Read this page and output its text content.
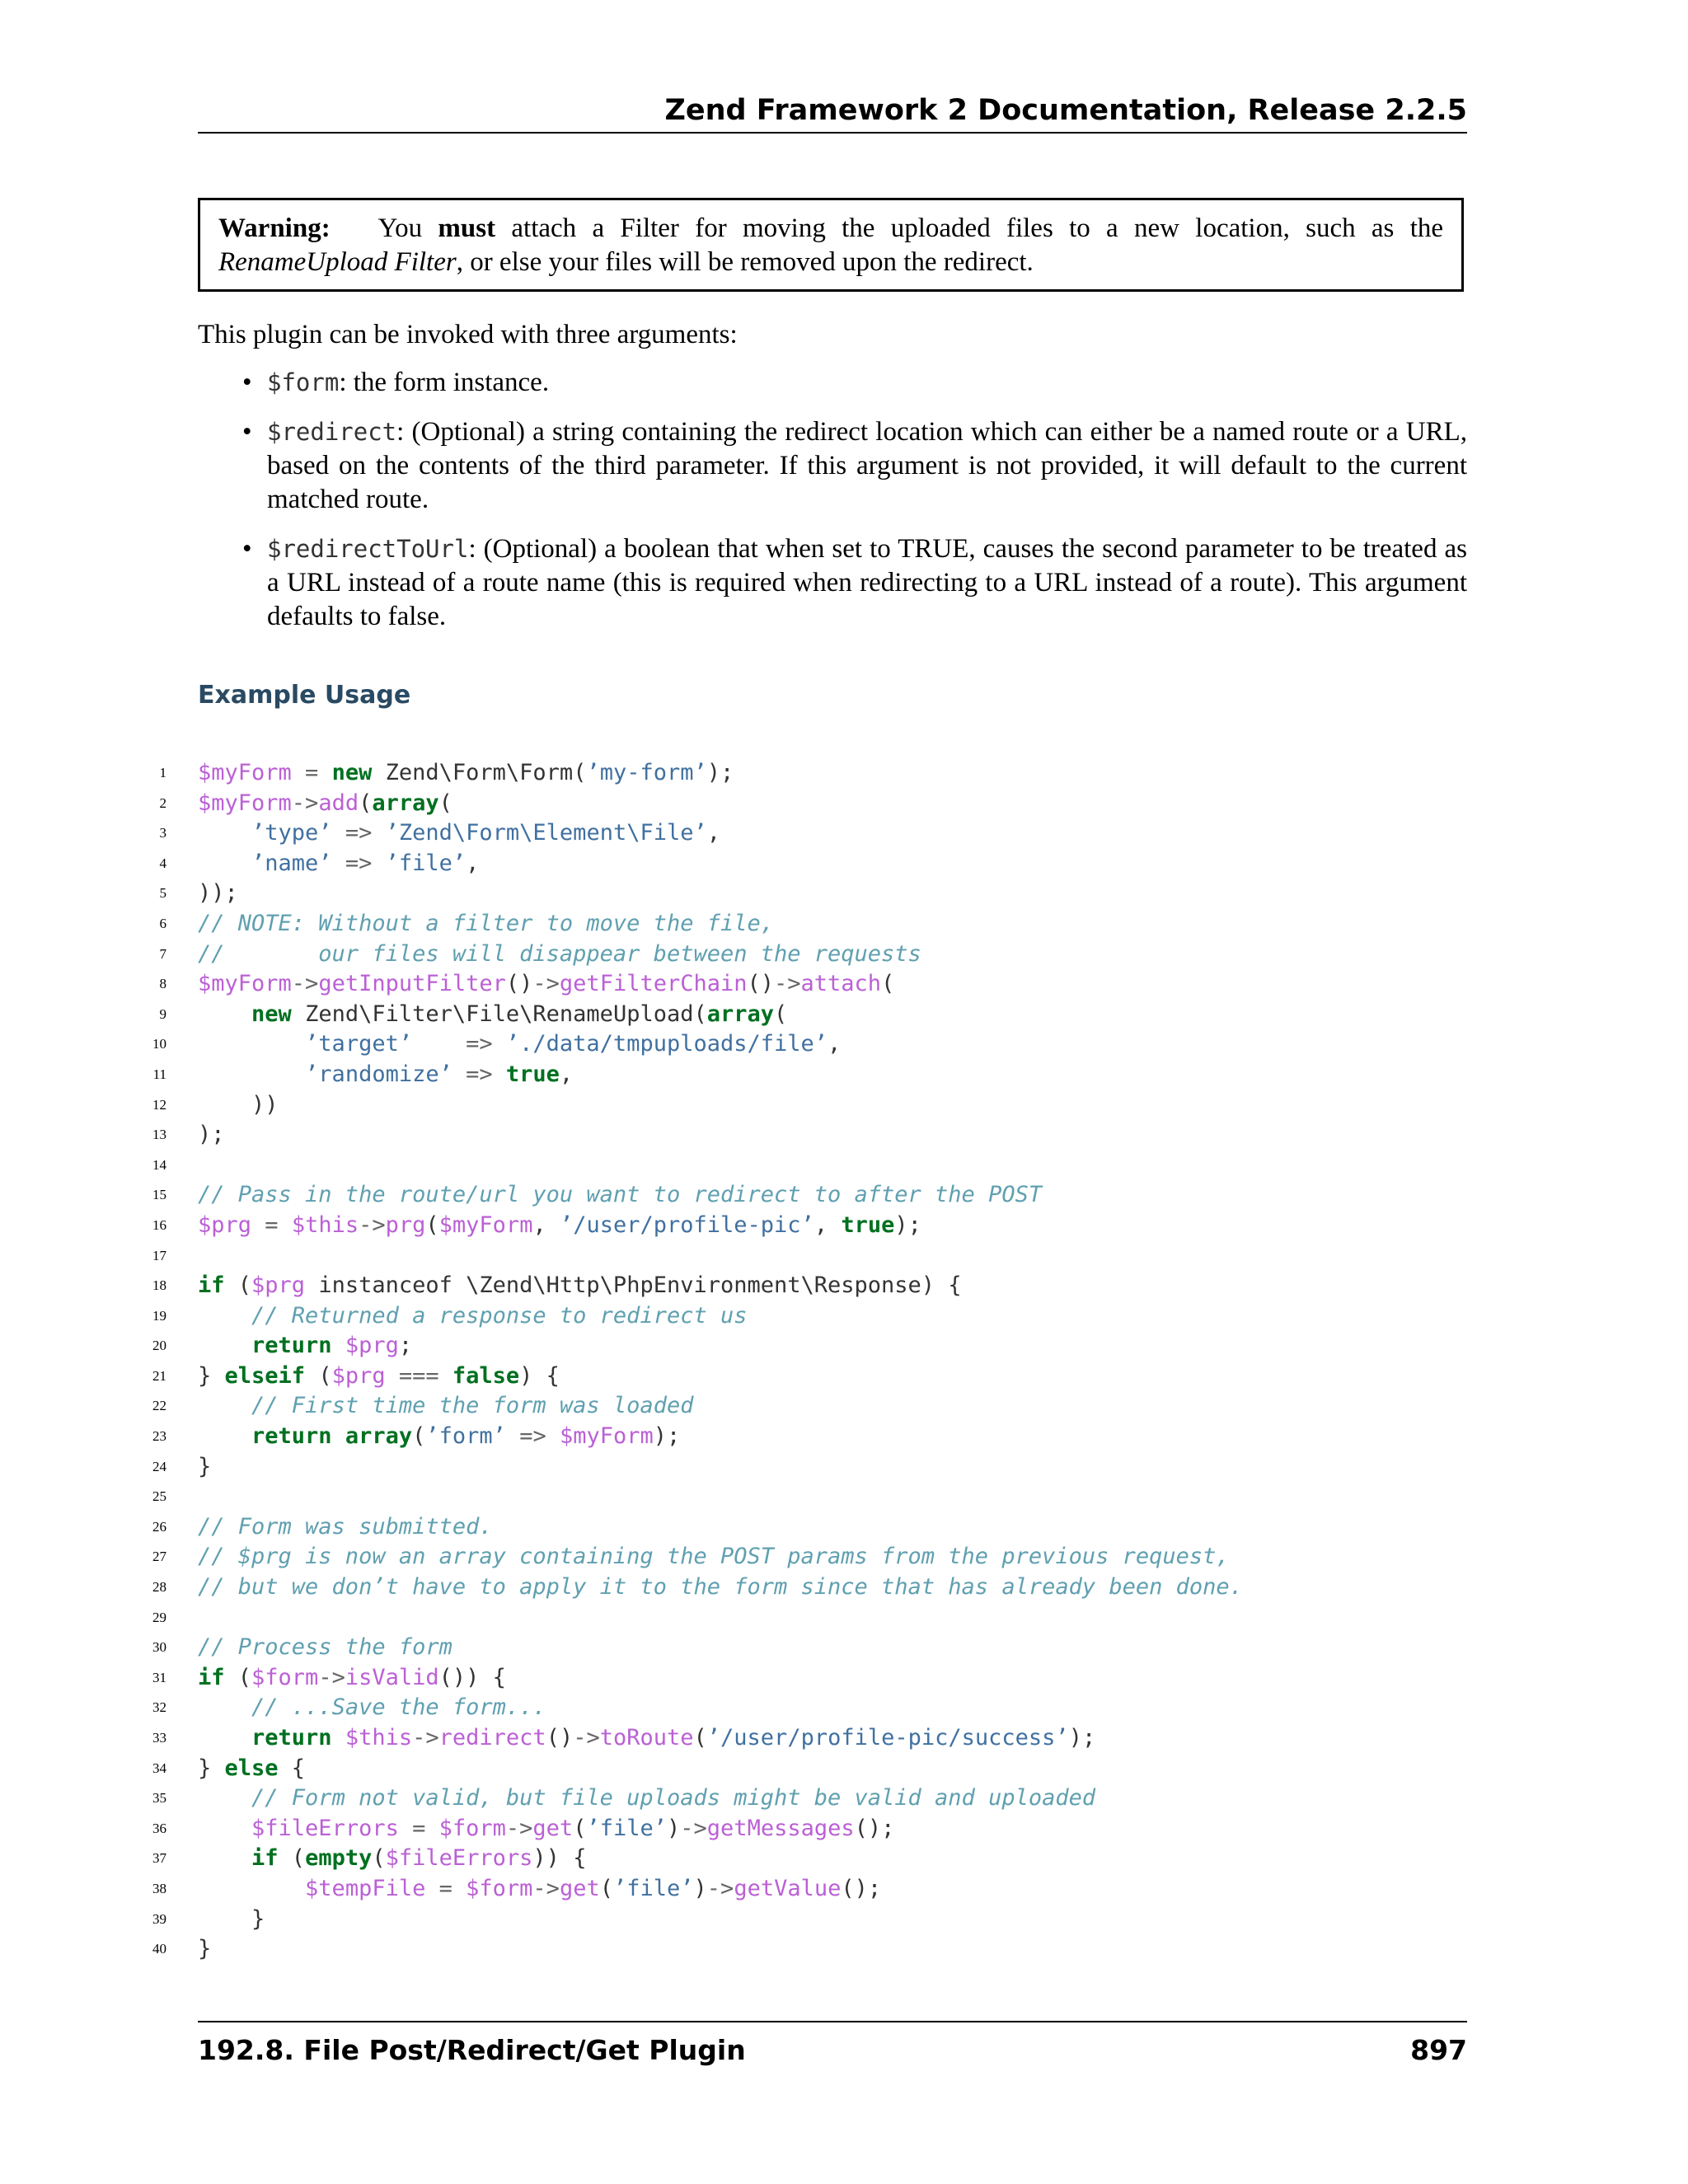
Zend Framework 2 Documentation, Release 2.2.5
Warning: You must attach a Filter for moving the uploaded files to a new location, such as the RenameUpload Filter, or else your files will be removed upon the redirect.
This plugin can be invoked with three arguments:
• $form: the form instance.
• $redirect: (Optional) a string containing the redirect location which can either be a named route or a URL, based on the contents of the third parameter. If this argument is not provided, it will default to the current matched route.
• $redirectToUrl: (Optional) a boolean that when set to TRUE, causes the second parameter to be treated as a URL instead of a route name (this is required when redirecting to a URL instead of a route). This argument defaults to false.
Example Usage
1 $myForm = new Zend\Form\Form(’my-form’);
2 $myForm->add(array(
3	’type’ => ’Zend\Form\Element\File’,
4	’name’ => ’file’,
5 ));
6 // NOTE: Without a filter to move the file,
7 //       our files will disappear between the requests
8 $myForm->getInputFilter()->getFilterChain()->attach(
9	new Zend\Filter\File\RenameUpload(array(
10	’target’    => ’./data/tmpuploads/file’,
11	’randomize’ => true,
12 ))
13 );
14
15 // Pass in the route/url you want to redirect to after the POST
16 $prg = $this->prg($myForm, ’/user/profile-pic’, true);
17
18 if ($prg instanceof \Zend\Http\PhpEnvironment\Response) {
19	// Returned a response to redirect us
20	return $prg;
21 } elseif ($prg === false) {
22	// First time the form was loaded
23	return array(’form’ => $myForm);
24 }
25
26 // Form was submitted.
27 // $prg is now an array containing the POST params from the previous request,
28 // but we don’t have to apply it to the form since that has already been done.
29
30 // Process the form
31 if ($form->isValid()) {
32	// ...Save the form...
33	return $this->redirect()->toRoute(’/user/profile-pic/success’);
34 } else {
35	// Form not valid, but file uploads might be valid and uploaded
36	$fileErrors = $form->get(’file’)->getMessages();
37	if (empty($fileErrors)) {
38	$tempFile = $form->get(’file’)->getValue();
39 }
40 }
192.8. File Post/Redirect/Get Plugin	897
